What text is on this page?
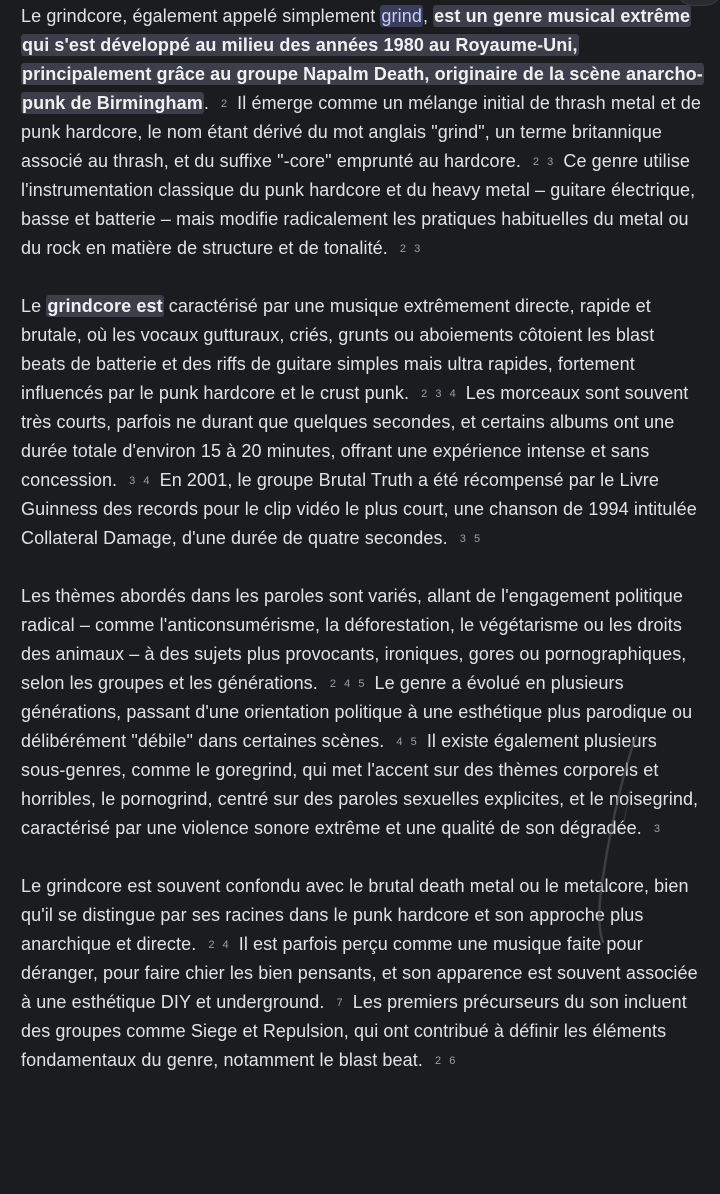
Le grindcore, également appelé simplement grind, est un genre musical extrême qui s'est développé au milieu des années 1980 au Royaume-Uni, principalement grâce au groupe Napalm Death, originaire de la scène anarcho-punk de Birmingham. 2 Il émerge comme un mélange initial de thrash metal et de punk hardcore, le nom étant dérivé du mot anglais "grind", un terme britannique associé au thrash, et du suffixe "-core" emprunté au hardcore. 2 3 Ce genre utilise l'instrumentation classique du punk hardcore et du heavy metal – guitare électrique, basse et batterie – mais modifie radicalement les pratiques habituelles du metal ou du rock en matière de structure et de tonalité. 2 3

Le grindcore est caractérisé par une musique extrêmement directe, rapide et brutale, où les vocaux gutturaux, criés, grunts ou aboiements côtoient les blast beats de batterie et des riffs de guitare simples mais ultra rapides, fortement influencés par le punk hardcore et le crust punk. 2 3 4 Les morceaux sont souvent très courts, parfois ne durant que quelques secondes, et certains albums ont une durée totale d'environ 15 à 20 minutes, offrant une expérience intense et sans concession. 3 4 En 2001, le groupe Brutal Truth a été récompensé par le Livre Guinness des records pour le clip vidéo le plus court, une chanson de 1994 intitulée Collateral Damage, d'une durée de quatre secondes. 3 5

Les thèmes abordés dans les paroles sont variés, allant de l'engagement politique radical – comme l'anticonsumérisme, la déforestation, le végétarisme ou les droits des animaux – à des sujets plus provocants, ironiques, gores ou pornographiques, selon les groupes et les générations. 2 4 5 Le genre a évolué en plusieurs générations, passant d'une orientation politique à une esthétique plus parodique ou délibérément "débile" dans certaines scènes. 4 5 Il existe également plusieurs sous-genres, comme le goregrind, qui met l'accent sur des thèmes corporels et horribles, le pornogrind, centré sur des paroles sexuelles explicites, et le noisegrind, caractérisé par une violence sonore extrême et une qualité de son dégradée. 3

Le grindcore est souvent confondu avec le brutal death metal ou le metalcore, bien qu'il se distingue par ses racines dans le punk hardcore et son approche plus anarchique et directe. 2 4 Il est parfois perçu comme une musique faite pour déranger, pour faire chier les bien pensants, et son apparence est souvent associée à une esthétique DIY et underground. 7 Les premiers précurseurs du son incluent des groupes comme Siege et Repulsion, qui ont contribué à définir les éléments fondamentaux du genre, notamment le blast beat. 2 6
